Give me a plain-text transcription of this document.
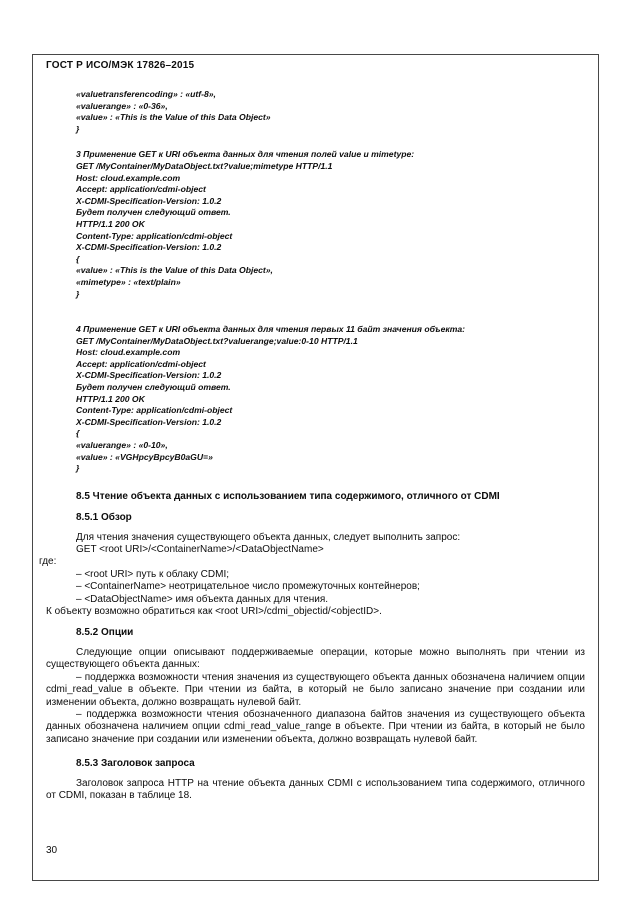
ГОСТ Р ИСО/МЭК 17826–2015
«valuetransferencoding» : «utf-8»,
«valuerange» : «0-36»,
«value» : «This is the Value of this Data Object»
}
3 Применение GET к URI объекта данных для чтения полей value и mimetype:
GET /MyContainer/MyDataObject.txt?value;mimetype HTTP/1.1
Host: cloud.example.com
Accept: application/cdmi-object
X-CDMI-Specification-Version: 1.0.2
Будет получен следующий ответ.
HTTP/1.1 200 OK
Content-Type: application/cdmi-object
X-CDMI-Specification-Version: 1.0.2
{
«value» : «This is the Value of this Data Object»,
«mimetype» : «text/plain»
}
4 Применение GET к URI объекта данных для чтения первых 11 байт значения объекта:
GET /MyContainer/MyDataObject.txt?valuerange;value:0-10 HTTP/1.1
Host: cloud.example.com
Accept: application/cdmi-object
X-CDMI-Specification-Version: 1.0.2
Будет получен следующий ответ.
HTTP/1.1 200 OK
Content-Type: application/cdmi-object
X-CDMI-Specification-Version: 1.0.2
{
«valuerange» : «0-10»,
«value» : «VGHpcyBpcyB0aGU=»
}
8.5 Чтение объекта данных с использованием типа содержимого, отличного от CDMI
8.5.1 Обзор

Для чтения значения существующего объекта данных, следует выполнить запрос:

GET <root URI>/<ContainerName>/<DataObjectName>
где:
– <root URI> путь к облаку CDMI;
– <ContainerName> неотрицательное число промежуточных контейнеров;
– <DataObjectName> имя объекта данных для чтения.

К объекту возможно обратиться как <root URI>/cdmi_objectid/<objectID>.

8.5.2 Опции

Следующие опции описывают поддерживаемые операции, которые можно выполнять при чтении из существующего объекта данных:

– поддержка возможности чтения значения из существующего объекта данных обозначена наличием опции cdmi_read_value в объекте. При чтении из байта, в который не было записано значение при создании или изменении объекта, должно возвращать нулевой байт.

– поддержка возможности чтения обозначенного диапазона байтов значения из существующего объекта данных обозначена наличием опции cdmi_read_value_range в объекте. При чтении из байта, в который не было записано значение при создании или изменении объекта, должно возвращать нулевой байт.

8.5.3 Заголовок запроса

Заголовок запроса HTTP на чтение объекта данных CDMI с использованием типа содержимого, отличного от CDMI, показан в таблице 18.

30
